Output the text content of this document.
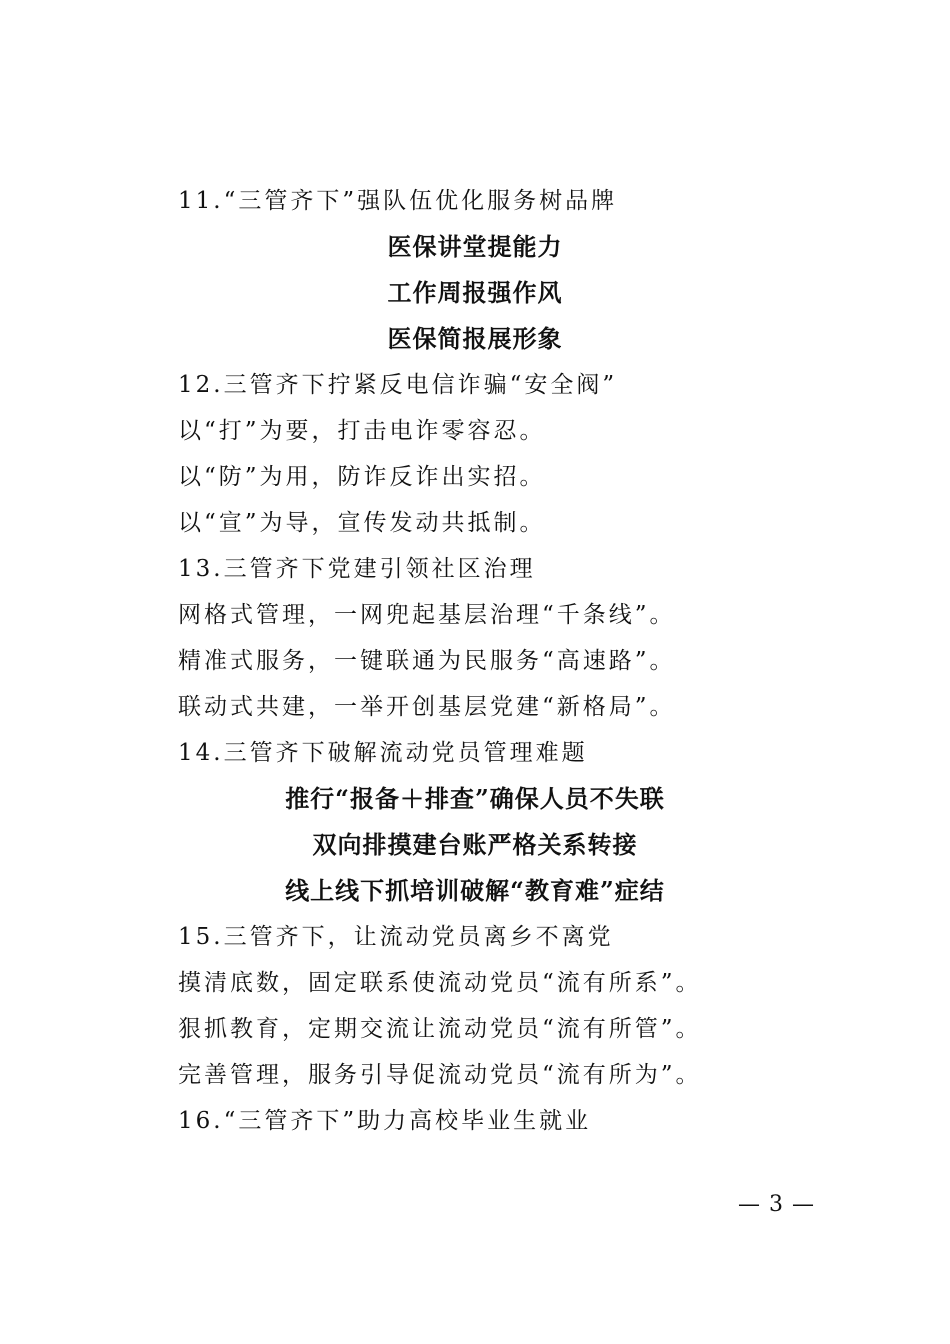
11.“三管齐下”强队伍优化服务树品牌
医保讲堂提能力
工作周报强作风
医保简报展形象
12.三管齐下拧紧反电信诈骗“安全阀”
以“打”为要，打击电诈零容忍。
以“防”为用，防诈反诈出实招。
以“宣”为导，宣传发动共抵制。
13.三管齐下党建引领社区治理
网格式管理，一网兜起基层治理“千条线”。
精准式服务，一键联通为民服务“高速路”。
联动式共建，一举开创基层党建“新格局”。
14.三管齐下破解流动党员管理难题
推行“报备＋排查”确保人员不失联
双向排摸建台账严格关系转接
线上线下抓培训破解“教育难”症结
15.三管齐下，让流动党员离乡不离党
摸清底数，固定联系使流动党员“流有所系”。
狠抓教育，定期交流让流动党员“流有所管”。
完善管理，服务引导促流动党员“流有所为”。
16.“三管齐下”助力高校毕业生就业
— 3 —
